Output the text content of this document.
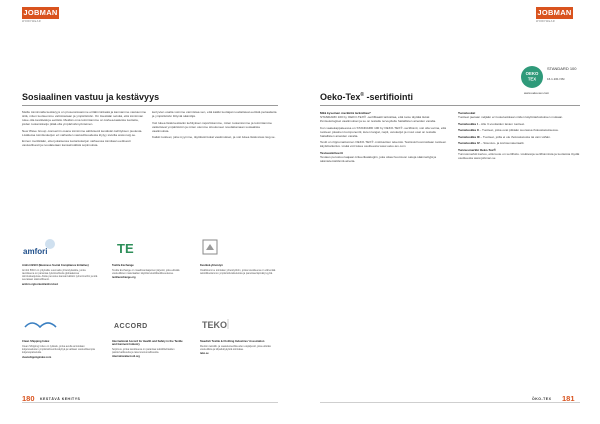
JOBMAN
WORKWEAR
Sosiaalinen vastuu ja kestävyys

Meille toiminnalla kestävyys on prosessissamme erittäin tärkeää ja kannamme vastuumme siitä, miten tuotteemme valmistetaan ja ympäristöön. On itsestään selvää, että toiminnan tulee olla kestävää ja eettistä. Meidän oma toimintamme on korkea-laatuisia tuotteita, joiden tuotantoketju pitää olla ympäristömyönteinen.

New Wave Group -konsernin osana toimimme aktiivisesti kestävän kehityksen puolesta. Lisätietoa toimitusketjun eri vaiheiden vastuullisuudesta löytyy sivuilta www.nwg.se.

Ennen merkkiään, ettei jokaisessa tuotantoketjun vaiheessa toimitaan eettisesti vastuullisesti ja noudatetaan kansainvälisiä sopimuksia.

kertyvien osalta voimme varmistaa sen, että kaikki tuottajat noudattavat eettisiä periaatteita ja ympäristöön liittyviä sääntöjä.

Voit lukea lisää kestävän kehityksen raportistamme, miten tuotantomme ja toimintamme vaikuttavat ympäristöön ja miten olemme sitoutuneet noudattamaan sosiaalisia vaatimuksia.

Kaikki tuotteet, joita myymme, täyttävät tiukat vaatimukset, ja voit lukea lisää www.nwg.se.

amfori
Amfori BSCI (Business Social Compliance Initiative)
Amfori BSCI on yrityksille suunnattu yhteistyöaloite, jonka tavoitteena on parantaa työolosuhteita globaaleissa toimitusketjuissa. Aloite perustuu kansainvälisiin työnormeihin ja sitä seurataan säännöllisesti.
amfori.org/content/amfori-bsci
TE
Textile Exchange
Textile Exchange on maailmanlaajuinen järjestö, joka edistää vastuullisten materiaalien käyttöä tekstiiliteollisuudessa.
textileexchange.org
Kestävä yhteistyö
Osallistumme toimialan yhteistyöhön, jonka tavoitteena on vähentää tekstiilituotannon ympäristövaikutuksia ja parantaa läpinäkyvyyttä.
Clean Shipping Index
Clean Shipping Index on työkalu, jonka avulla arvioidaan kuljetusalusten ympäristösuorituskykyä ja valitaan vastuullisempia kuljetuspalveluita.
cleanshippingindex.com
ACCORD
International Accord for Health and Safety in the Textile and Garment Industry
Sopimus, jonka tavoitteena on parantaa tekstiilitehtaiden paloturvallisuutta ja rakennusturvallisuutta.
internationalaccord.org
TEKO
Swedish Textile & Clothing Industries' Association
Ruotsin tekstiili- ja vaatetusteollisuuden etujärjestö, joka edistää vastuullista ja kilpailukykyistä toimialaa.
teko.se
180 KESTÄVÄ KEHITYS
JOBMAN
WORKWEAR
OEKO
TEX
STANDARD 100
16.1.161 NSI
www.oeko-tex.com
Oeko-Tex® -sertifiointi

Mitä kyseinen merkintä tarkoittaa?
STANDARD 100 by OEKO-TEX® -sertifikaatti tarkoittaa, että tuote täyttää tiukat ihmisekologiset vaatimukset ja se on testattu terveydelle haitallisten aineiden varalta.

Kun vaatekappaleessa on STANDARD 100 by OEKO-TEX® -sertifiointi, voit olla varma, että tuotteen jokainen komponentti, kuten langat, napit, vetoketjut ja muut osat on testattu haitallisten aineiden varalta.

Testit on riippumattomien OEKO-TEX® -instituuttien tekemiä. Testissä huomioidaan tuotteen käyttötarkoitus. Lisää voit lukea osoitteesta www.oeko-tex.com

Testauskriteerit
Testaus perustuu laajaan kriteerikatalogiin, joka ottaa huomioon satoja säänneltyjä ja sääntelemättömiä aineita.

Tuoteluokat
Tuotteet jaetaan neljään eri tuoteluokkaan niiden käyttötarkoituksen mukaan.

Tuoteluokka I – Alle 3-vuotiaiden lasten tuotteet.

Tuoteluokka II – Tuotteet, jotka ovat pitkään suorassa ihokosketuksessa.

Tuoteluokka III – Tuotteet, joilla ei ole ihokosketusta tai vain vähän.

Tuoteluokka IV – Sisustus- ja koristemateriaalit.

Tunnusmerkki Oeko-Tex®
Tunnusmerkki kertoo, että tuote on sertifioitu. Lisätietoja sertifioinnista ja tuotteista löydät osoitteesta www.jobman.se

ÖKO-TEX 181
